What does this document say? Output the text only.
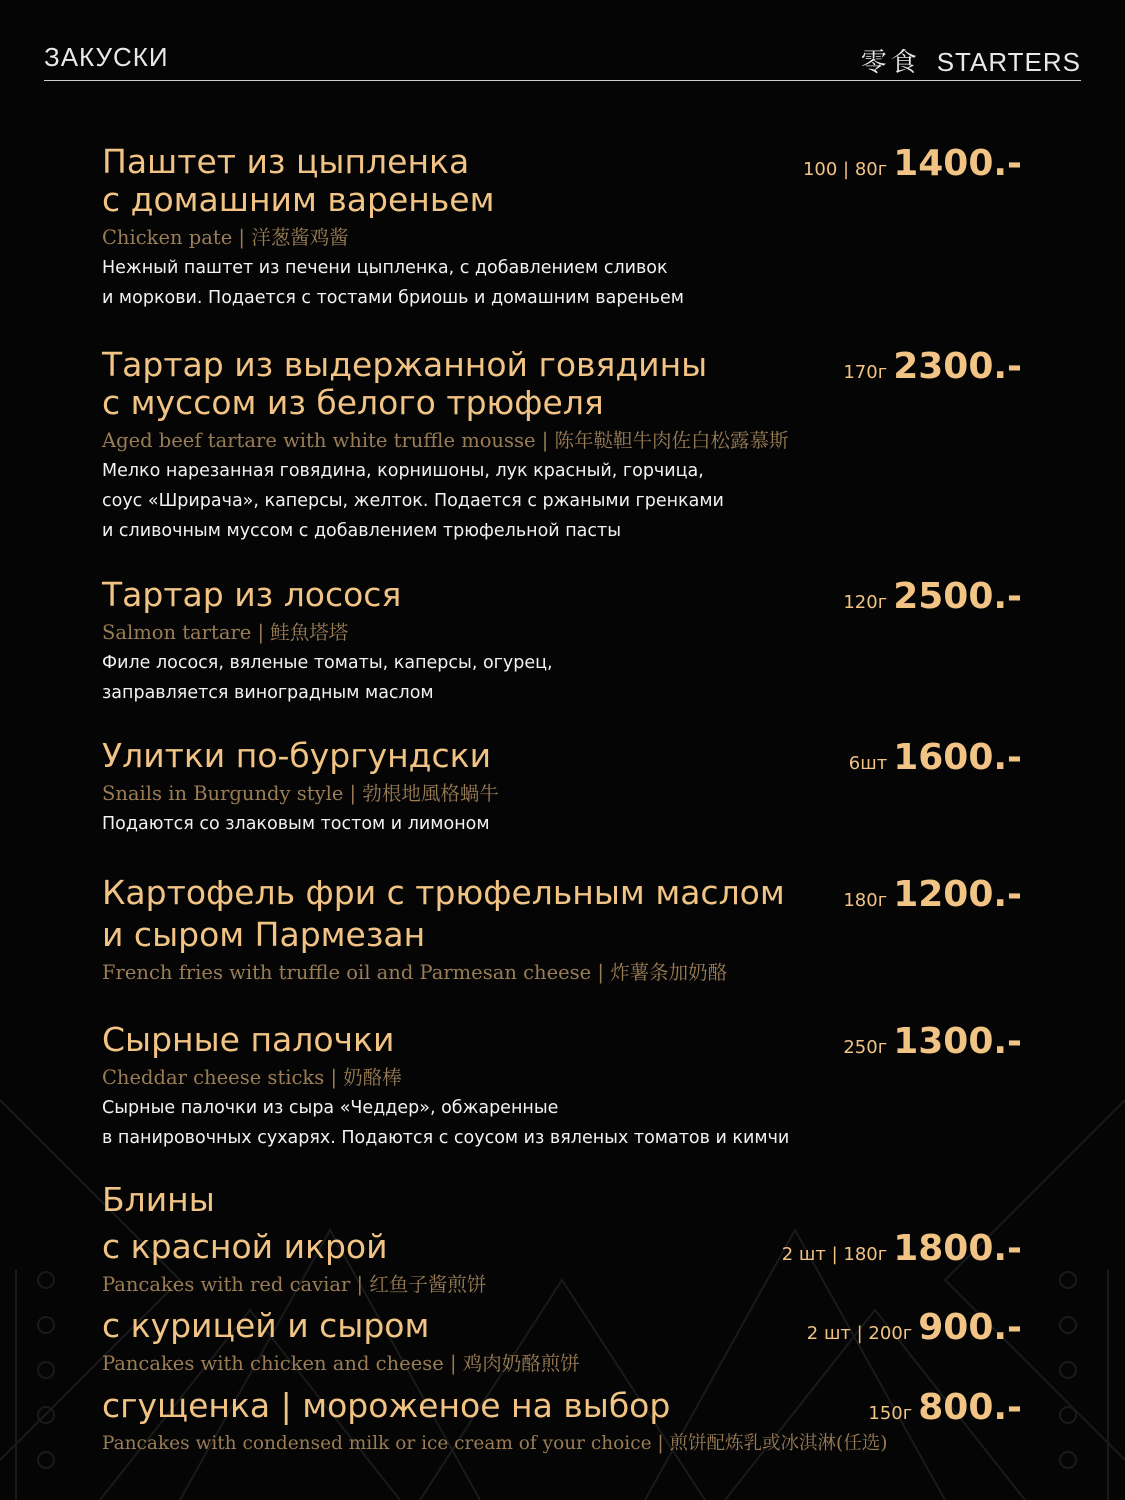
ЗАКУСКИ	零食 STARTERS
Паштет из цыпленка
с домашним вареньем
100 | 80г 1400.-
Chicken pate | 洋葱酱鸡酱
Нежный паштет из печени цыпленка, с добавлением сливок
и моркови. Подается с тостами бриошь и домашним вареньем
Тартар из выдержанной говядины
с муссом из белого трюфеля
170г 2300.-
Aged beef tartare with white truffle mousse | 陈年鞑靼牛肉佐白松露慕斯
Мелко нарезанная говядина, корнишоны, лук красный, горчица,
соус «Шрирача», каперсы, желток. Подается с ржаными гренками
и сливочным муссом с добавлением трюфельной пасты
Тартар из лосося	120г 2500.-
Salmon tartare | 鲑魚塔塔
Филе лосося, вяленые томаты, каперсы, огурец,
заправляется виноградным маслом
Улитки по-бургундски	6шт 1600.-
Snails in Burgundy style | 勃根地風格蝸牛
Подаются со злаковым тостом и лимоном
Картофель фри с трюфельным маслом
и сыром Пармезан
180г 1200.-
French fries with truffle oil and Parmesan cheese | 炸薯条加奶酪
Сырные палочки	250г 1300.-
Cheddar cheese sticks | 奶酪棒
Сырные палочки из сыра «Чеддер», обжаренные
в панировочных сухарях. Подаются с соусом из вяленых томатов и кимчи
Блины
с красной икрой	2 шт | 180г 1800.-
Pancakes with red caviar | 红鱼子酱煎饼
с курицей и сыром	2 шт | 200г 900.-
Pancakes with chicken and cheese | 鸡肉奶酪煎饼
сгущенка | мороженое на выбор	150г 800.-
Pancakes with condensed milk or ice cream of your choice | 煎饼配炼乳或冰淇淋(任选)
